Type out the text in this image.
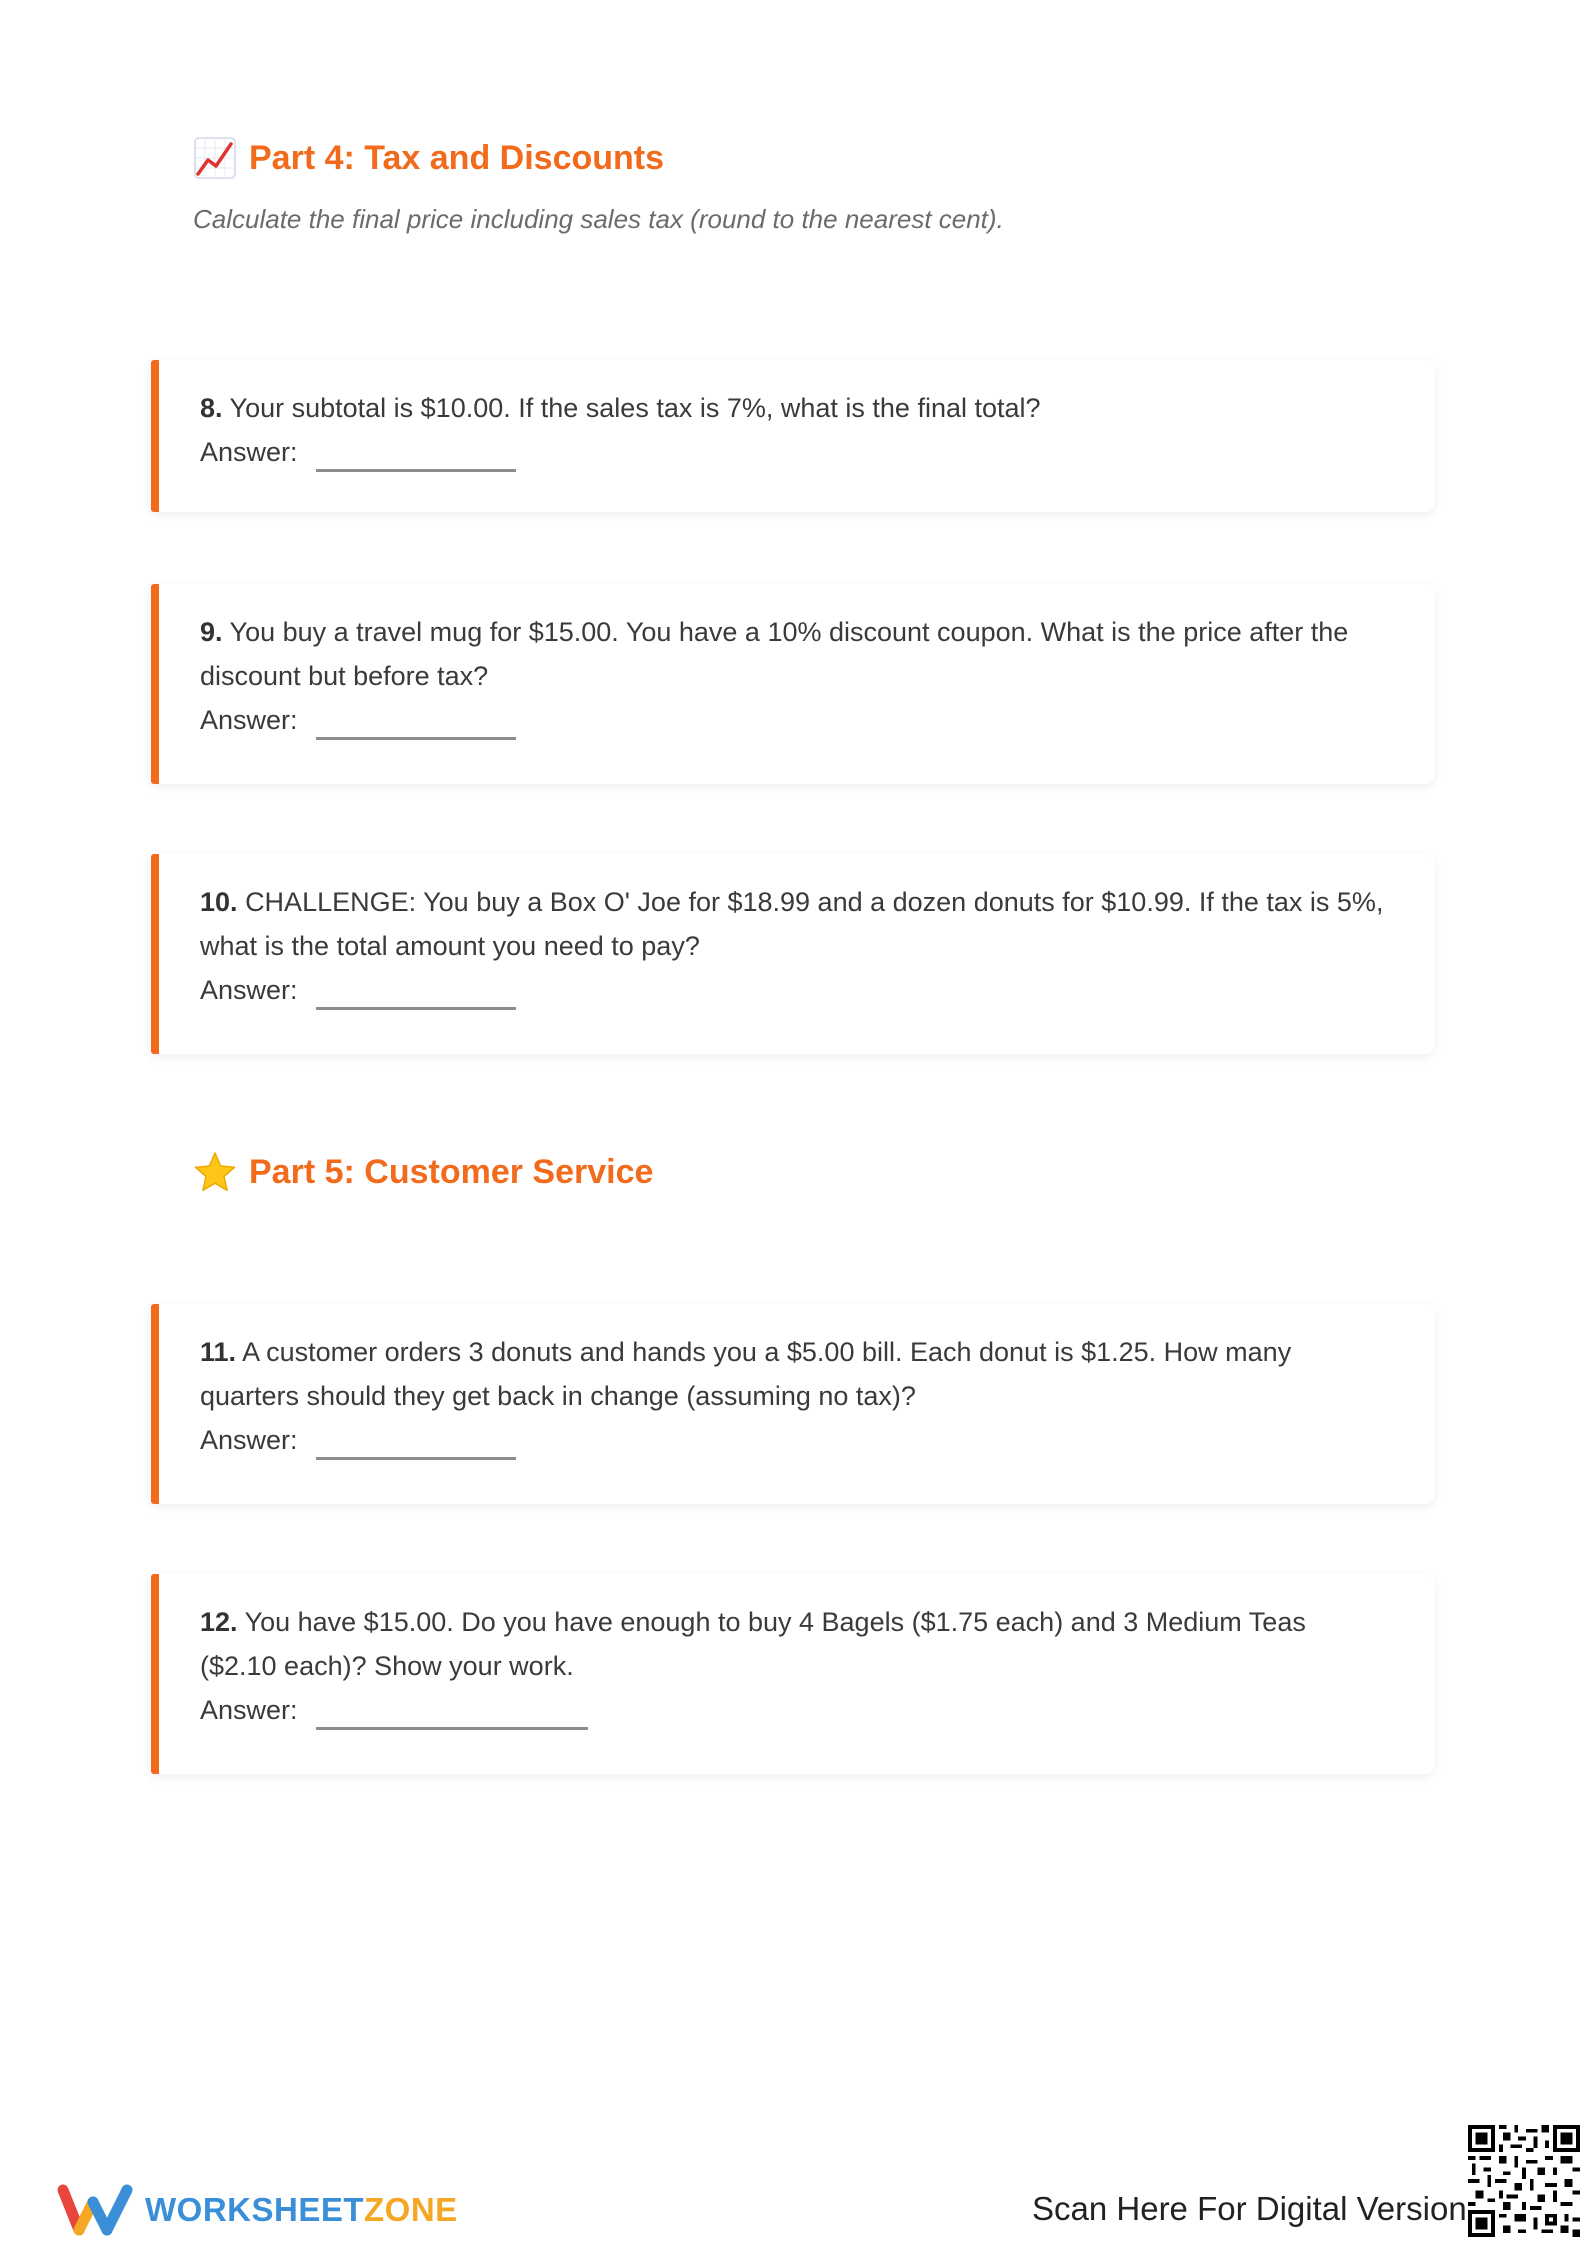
Part 4: Tax and Discounts
Calculate the final price including sales tax (round to the nearest cent).
8. Your subtotal is $10.00. If the sales tax is 7%, what is the final total?
Answer:
9. You buy a travel mug for $15.00. You have a 10% discount coupon. What is the price after the discount but before tax?
Answer:
10. CHALLENGE: You buy a Box O' Joe for $18.99 and a dozen donuts for $10.99. If the tax is 5%, what is the total amount you need to pay?
Answer:
Part 5: Customer Service
11. A customer orders 3 donuts and hands you a $5.00 bill. Each donut is $1.25. How many quarters should they get back in change (assuming no tax)?
Answer:
12. You have $15.00. Do you have enough to buy 4 Bagels ($1.75 each) and 3 Medium Teas ($2.10 each)? Show your work.
Answer:
WORKSHEETZONE	Scan Here For Digital Version
